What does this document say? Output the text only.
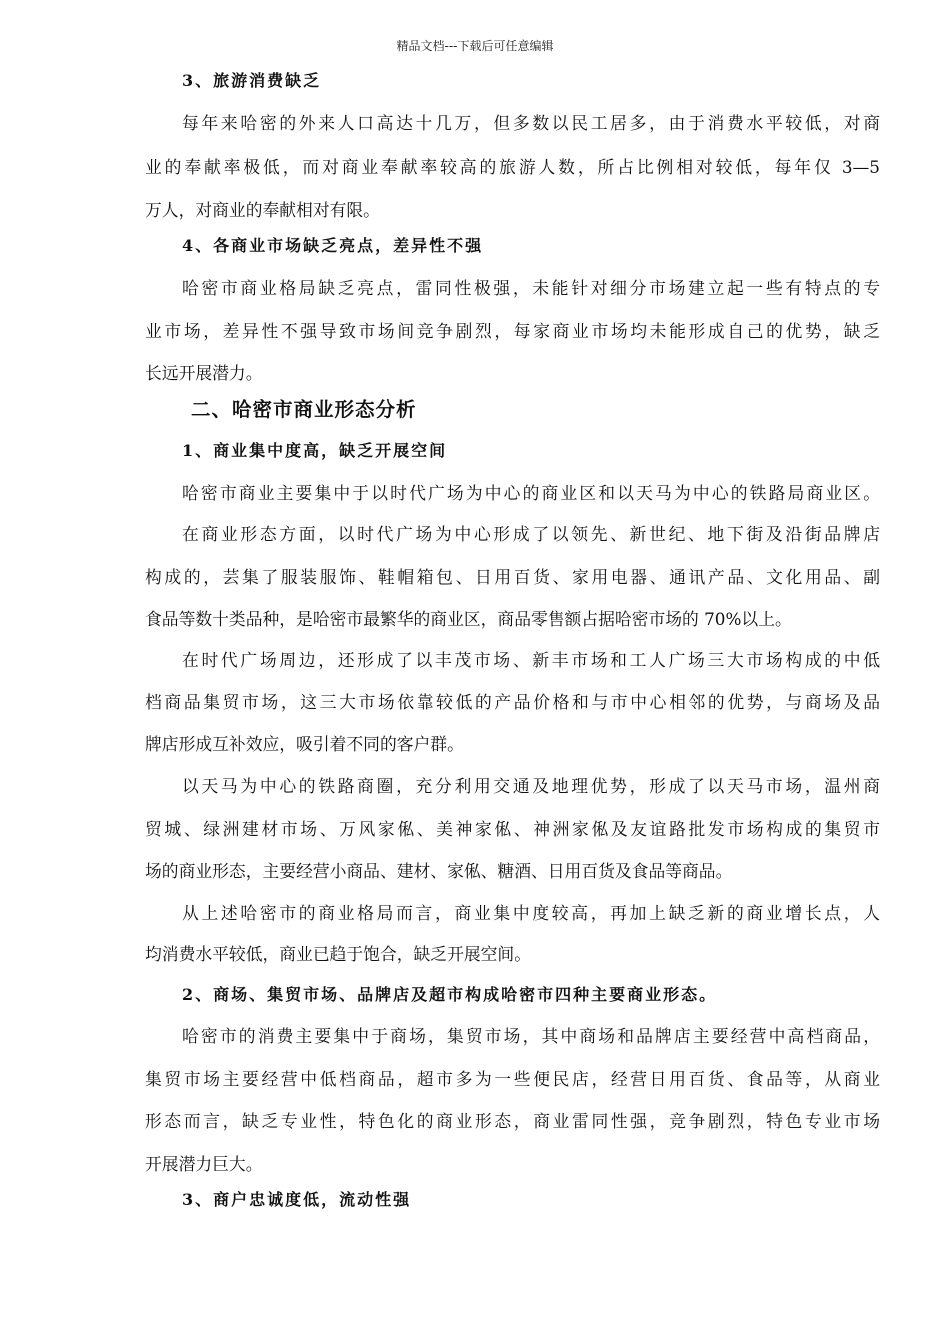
精品文档---下载后可任意编辑
3、旅游消费缺乏
每年来哈密的外来人口高达十几万，但多数以民工居多，由于消费水平较低，对商
业的奉献率极低，而对商业奉献率较高的旅游人数，所占比例相对较低，每年仅 3—5
万人，对商业的奉献相对有限。
4、各商业市场缺乏亮点，差异性不强
哈密市商业格局缺乏亮点，雷同性极强，未能针对细分市场建立起一些有特点的专
业市场，差异性不强导致市场间竞争剧烈，每家商业市场均未能形成自己的优势，缺乏
长远开展潜力。
二、哈密市商业形态分析
1、商业集中度高，缺乏开展空间
哈密市商业主要集中于以时代广场为中心的商业区和以天马为中心的铁路局商业区。
在商业形态方面，以时代广场为中心形成了以领先、新世纪、地下街及沿街品牌店
构成的，芸集了服装服饰、鞋帽箱包、日用百货、家用电器、通讯产品、文化用品、副
食品等数十类品种，是哈密市最繁华的商业区，商品零售额占据哈密市场的 70%以上。
在时代广场周边，还形成了以丰茂市场、新丰市场和工人广场三大市场构成的中低
档商品集贸市场，这三大市场依靠较低的产品价格和与市中心相邻的优势，与商场及品
牌店形成互补效应，吸引着不同的客户群。
以天马为中心的铁路商圈，充分利用交通及地理优势，形成了以天马市场，温州商
贸城、绿洲建材市场、万风家俬、美神家俬、神洲家俬及友谊路批发市场构成的集贸市
场的商业形态，主要经营小商品、建材、家俬、糖酒、日用百货及食品等商品。
从上述哈密市的商业格局而言，商业集中度较高，再加上缺乏新的商业增长点，人
均消费水平较低，商业已趋于饱合，缺乏开展空间。
2、商场、集贸市场、品牌店及超市构成哈密市四种主要商业形态。
哈密市的消费主要集中于商场，集贸市场，其中商场和品牌店主要经营中高档商品，
集贸市场主要经营中低档商品，超市多为一些便民店，经营日用百货、食品等，从商业
形态而言，缺乏专业性，特色化的商业形态，商业雷同性强，竞争剧烈，特色专业市场
开展潜力巨大。
3、商户忠诚度低，流动性强
